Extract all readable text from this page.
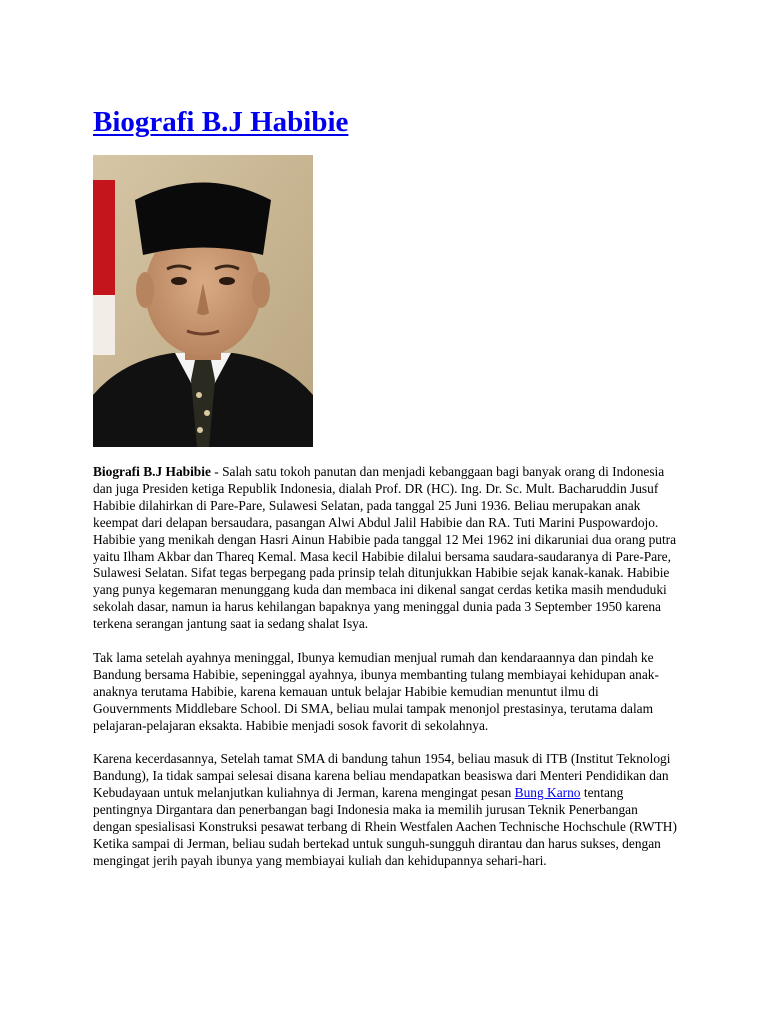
Biografi B.J Habibie

Biografi B.J Habibie - Salah satu tokoh panutan dan menjadi kebanggaan bagi banyak orang di Indonesia dan juga Presiden ketiga Republik Indonesia, dialah Prof. DR (HC). Ing. Dr. Sc. Mult. Bacharuddin Jusuf Habibie dilahirkan di Pare-Pare, Sulawesi Selatan, pada tanggal 25 Juni 1936. Beliau merupakan anak keempat dari delapan bersaudara, pasangan Alwi Abdul Jalil Habibie dan RA. Tuti Marini Puspowardojo. Habibie yang menikah dengan Hasri Ainun Habibie pada tanggal 12 Mei 1962 ini dikaruniai dua orang putra yaitu Ilham Akbar dan Thareq Kemal. Masa kecil Habibie dilalui bersama saudara-saudaranya di Pare-Pare, Sulawesi Selatan. Sifat tegas berpegang pada prinsip telah ditunjukkan Habibie sejak kanak-kanak. Habibie yang punya kegemaran menunggang kuda dan membaca ini dikenal sangat cerdas ketika masih menduduki sekolah dasar, namun ia harus kehilangan bapaknya yang meninggal dunia pada 3 September 1950 karena terkena serangan jantung saat ia sedang shalat Isya.

Tak lama setelah ayahnya meninggal, Ibunya kemudian menjual rumah dan kendaraannya dan pindah ke Bandung bersama Habibie, sepeninggal ayahnya, ibunya membanting tulang membiayai kehidupan anak-anaknya terutama Habibie, karena kemauan untuk belajar Habibie kemudian menuntut ilmu di Gouvernments Middlebare School. Di SMA, beliau mulai tampak menonjol prestasinya, terutama dalam pelajaran-pelajaran eksakta. Habibie menjadi sosok favorit di sekolahnya.

Karena kecerdasannya, Setelah tamat SMA di bandung tahun 1954, beliau masuk di ITB (Institut Teknologi Bandung), Ia tidak sampai selesai disana karena beliau mendapatkan beasiswa dari Menteri Pendidikan dan Kebudayaan untuk melanjutkan kuliahnya di Jerman, karena mengingat pesan Bung Karno tentang pentingnya Dirgantara dan penerbangan bagi Indonesia maka ia memilih jurusan Teknik Penerbangan dengan spesialisasi Konstruksi pesawat terbang di Rhein Westfalen Aachen Technische Hochschule (RWTH) Ketika sampai di Jerman, beliau sudah bertekad untuk sunguh-sungguh dirantau dan harus sukses, dengan mengingat jerih payah ibunya yang membiayai kuliah dan kehidupannya sehari-hari.
